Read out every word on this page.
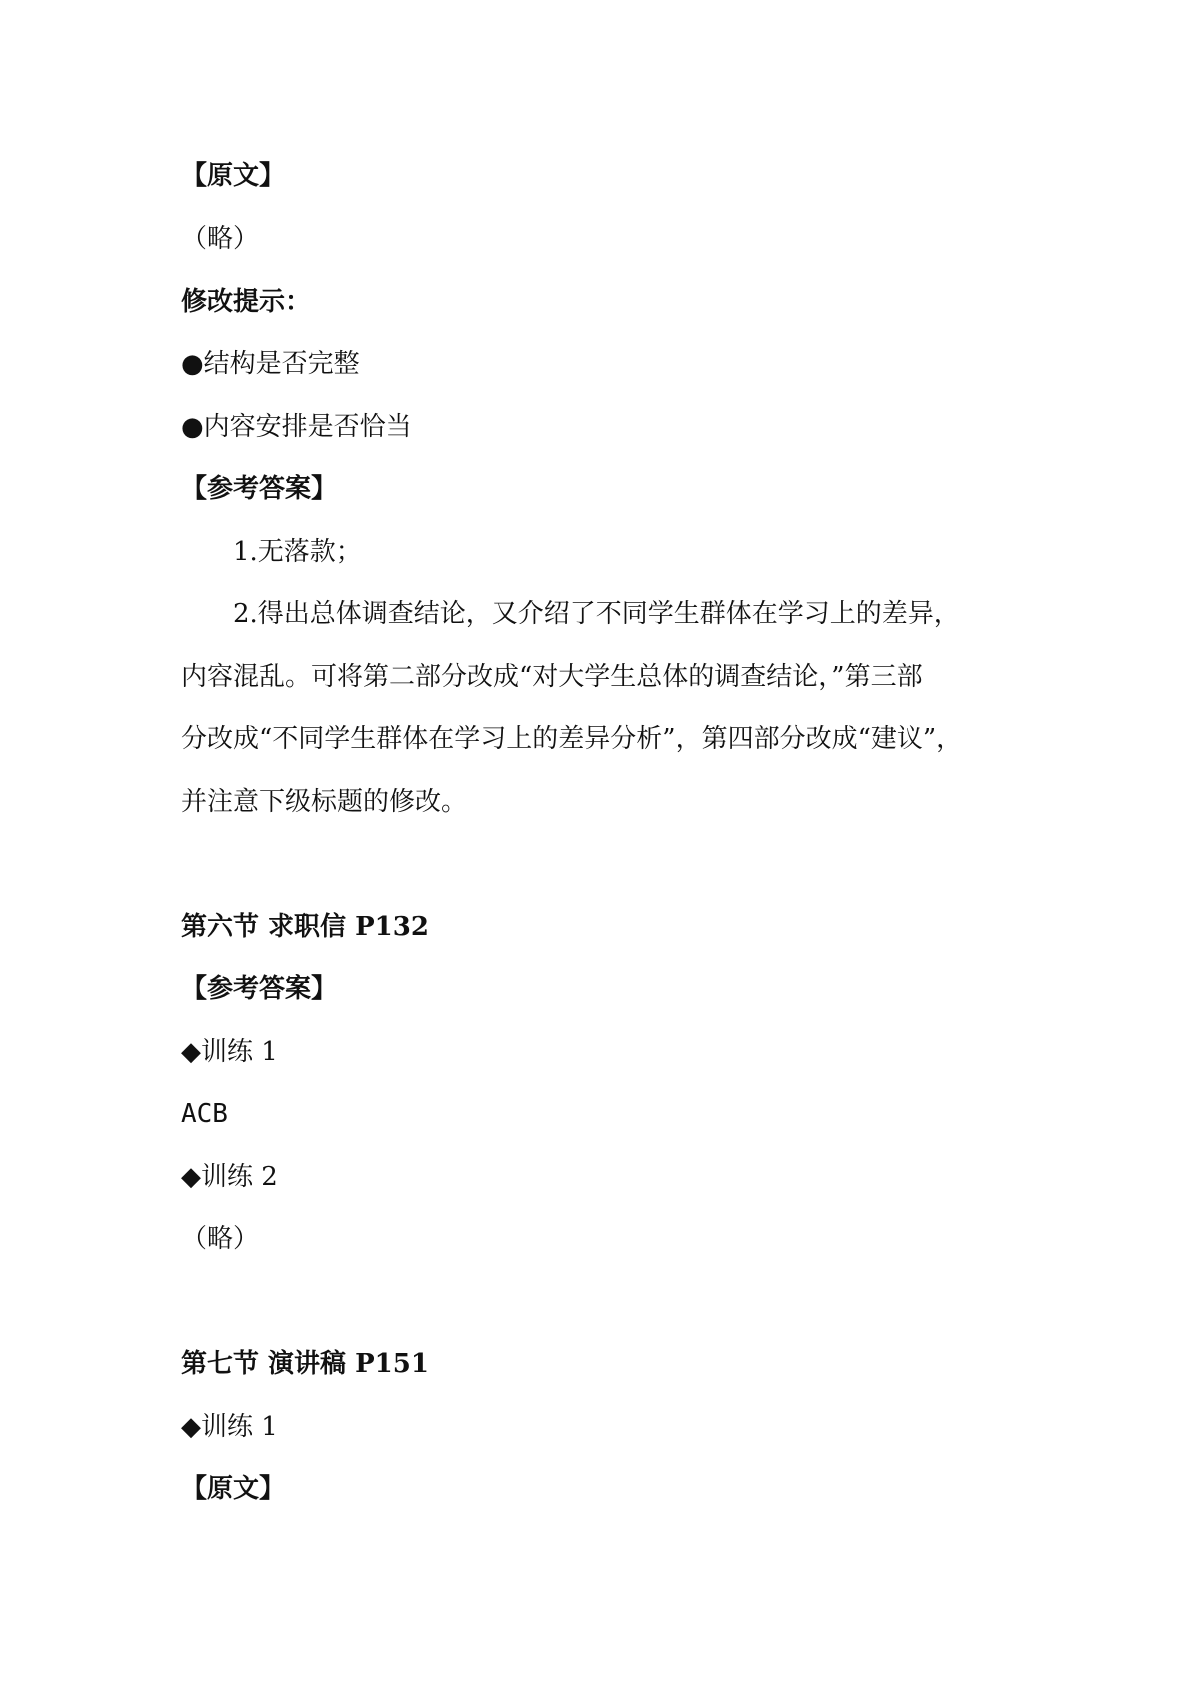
【原文】
（略）
修改提示：
●结构是否完整
●内容安排是否恰当
【参考答案】
1.无落款；
2.得出总体调查结论，又介绍了不同学生群体在学习上的差异，
内容混乱。可将第二部分改成“对大学生总体的调查结论，”第三部
分改成“不同学生群体在学习上的差异分析”，第四部分改成“建议”，
并注意下级标题的修改。
第六节 求职信 P132
【参考答案】
◆训练 1
ACB
◆训练 2
（略）
第七节 演讲稿 P151
◆训练 1
【原文】
